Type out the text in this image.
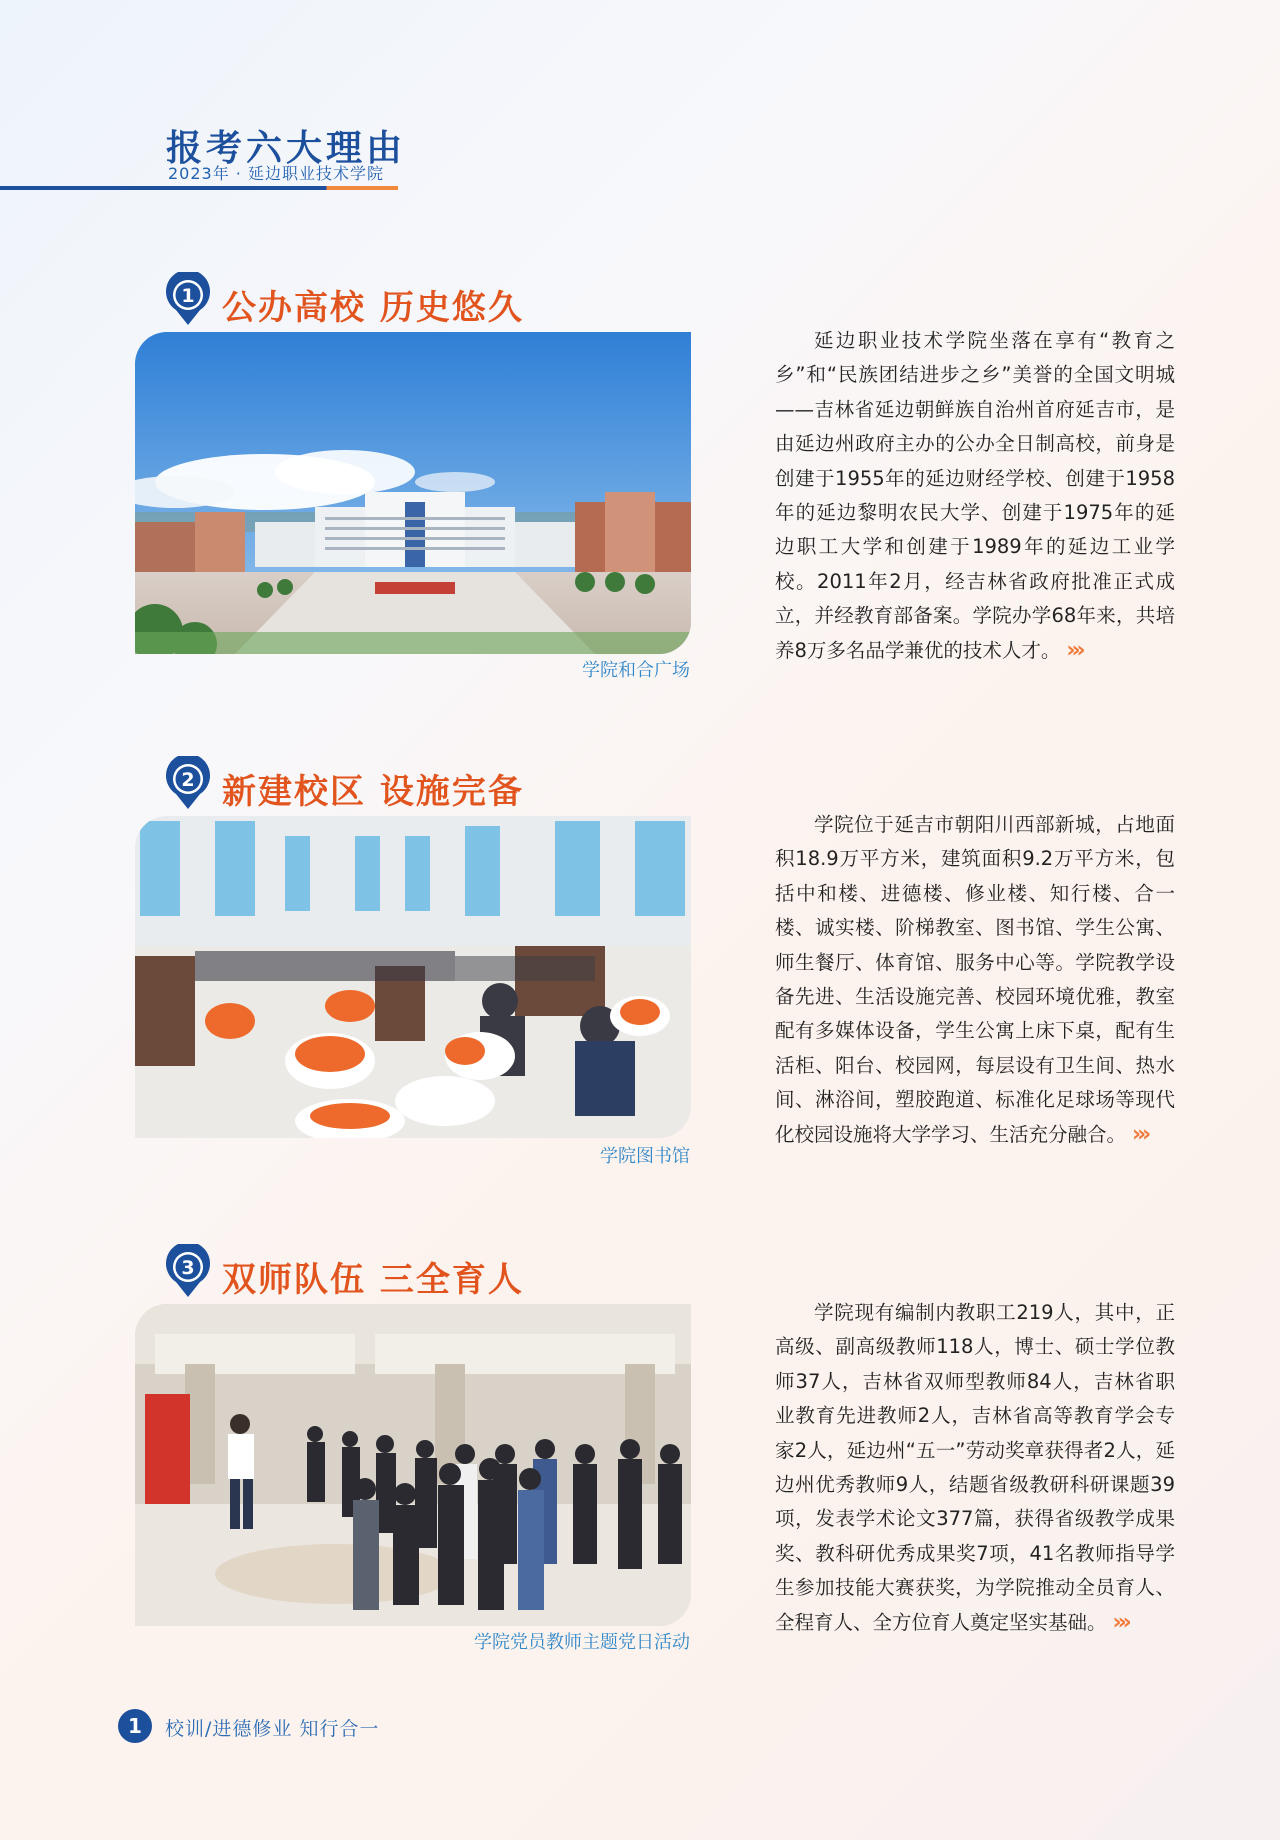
报考六大理由
2023年 · 延边职业技术学院
1 公办高校 历史悠久
学院和合广场
延边职业技术学院坐落在享有“教育之乡”和“民族团结进步之乡”美誉的全国文明城——吉林省延边朝鲜族自治州首府延吉市，是由延边州政府主办的公办全日制高校，前身是创建于1955年的延边财经学校、创建于1958年的延边黎明农民大学、创建于1975年的延边职工大学和创建于1989年的延边工业学校。2011年2月，经吉林省政府批准正式成立，并经教育部备案。学院办学68年来，共培养8万多名品学兼优的技术人才。 ›››
2 新建校区 设施完备
学院图书馆
学院位于延吉市朝阳川西部新城，占地面积18.9万平方米，建筑面积9.2万平方米，包括中和楼、进德楼、修业楼、知行楼、合一楼、诚实楼、阶梯教室、图书馆、学生公寓、师生餐厅、体育馆、服务中心等。学院教学设备先进、生活设施完善、校园环境优雅，教室配有多媒体设备，学生公寓上床下桌，配有生活柜、阳台、校园网，每层设有卫生间、热水间、淋浴间，塑胶跑道、标准化足球场等现代化校园设施将大学学习、生活充分融合。 ›››
3 双师队伍 三全育人
学院党员教师主题党日活动
学院现有编制内教职工219人，其中，正高级、副高级教师118人，博士、硕士学位教师37人，吉林省双师型教师84人，吉林省职业教育先进教师2人，吉林省高等教育学会专家2人，延边州“五一”劳动奖章获得者2人，延边州优秀教师9人，结题省级教研科研课题39项，发表学术论文377篇，获得省级教学成果奖、教科研优秀成果奖7项，41名教师指导学生参加技能大赛获奖，为学院推动全员育人、全程育人、全方位育人奠定坚实基础。 ›››
1	校训/进德修业 知行合一
